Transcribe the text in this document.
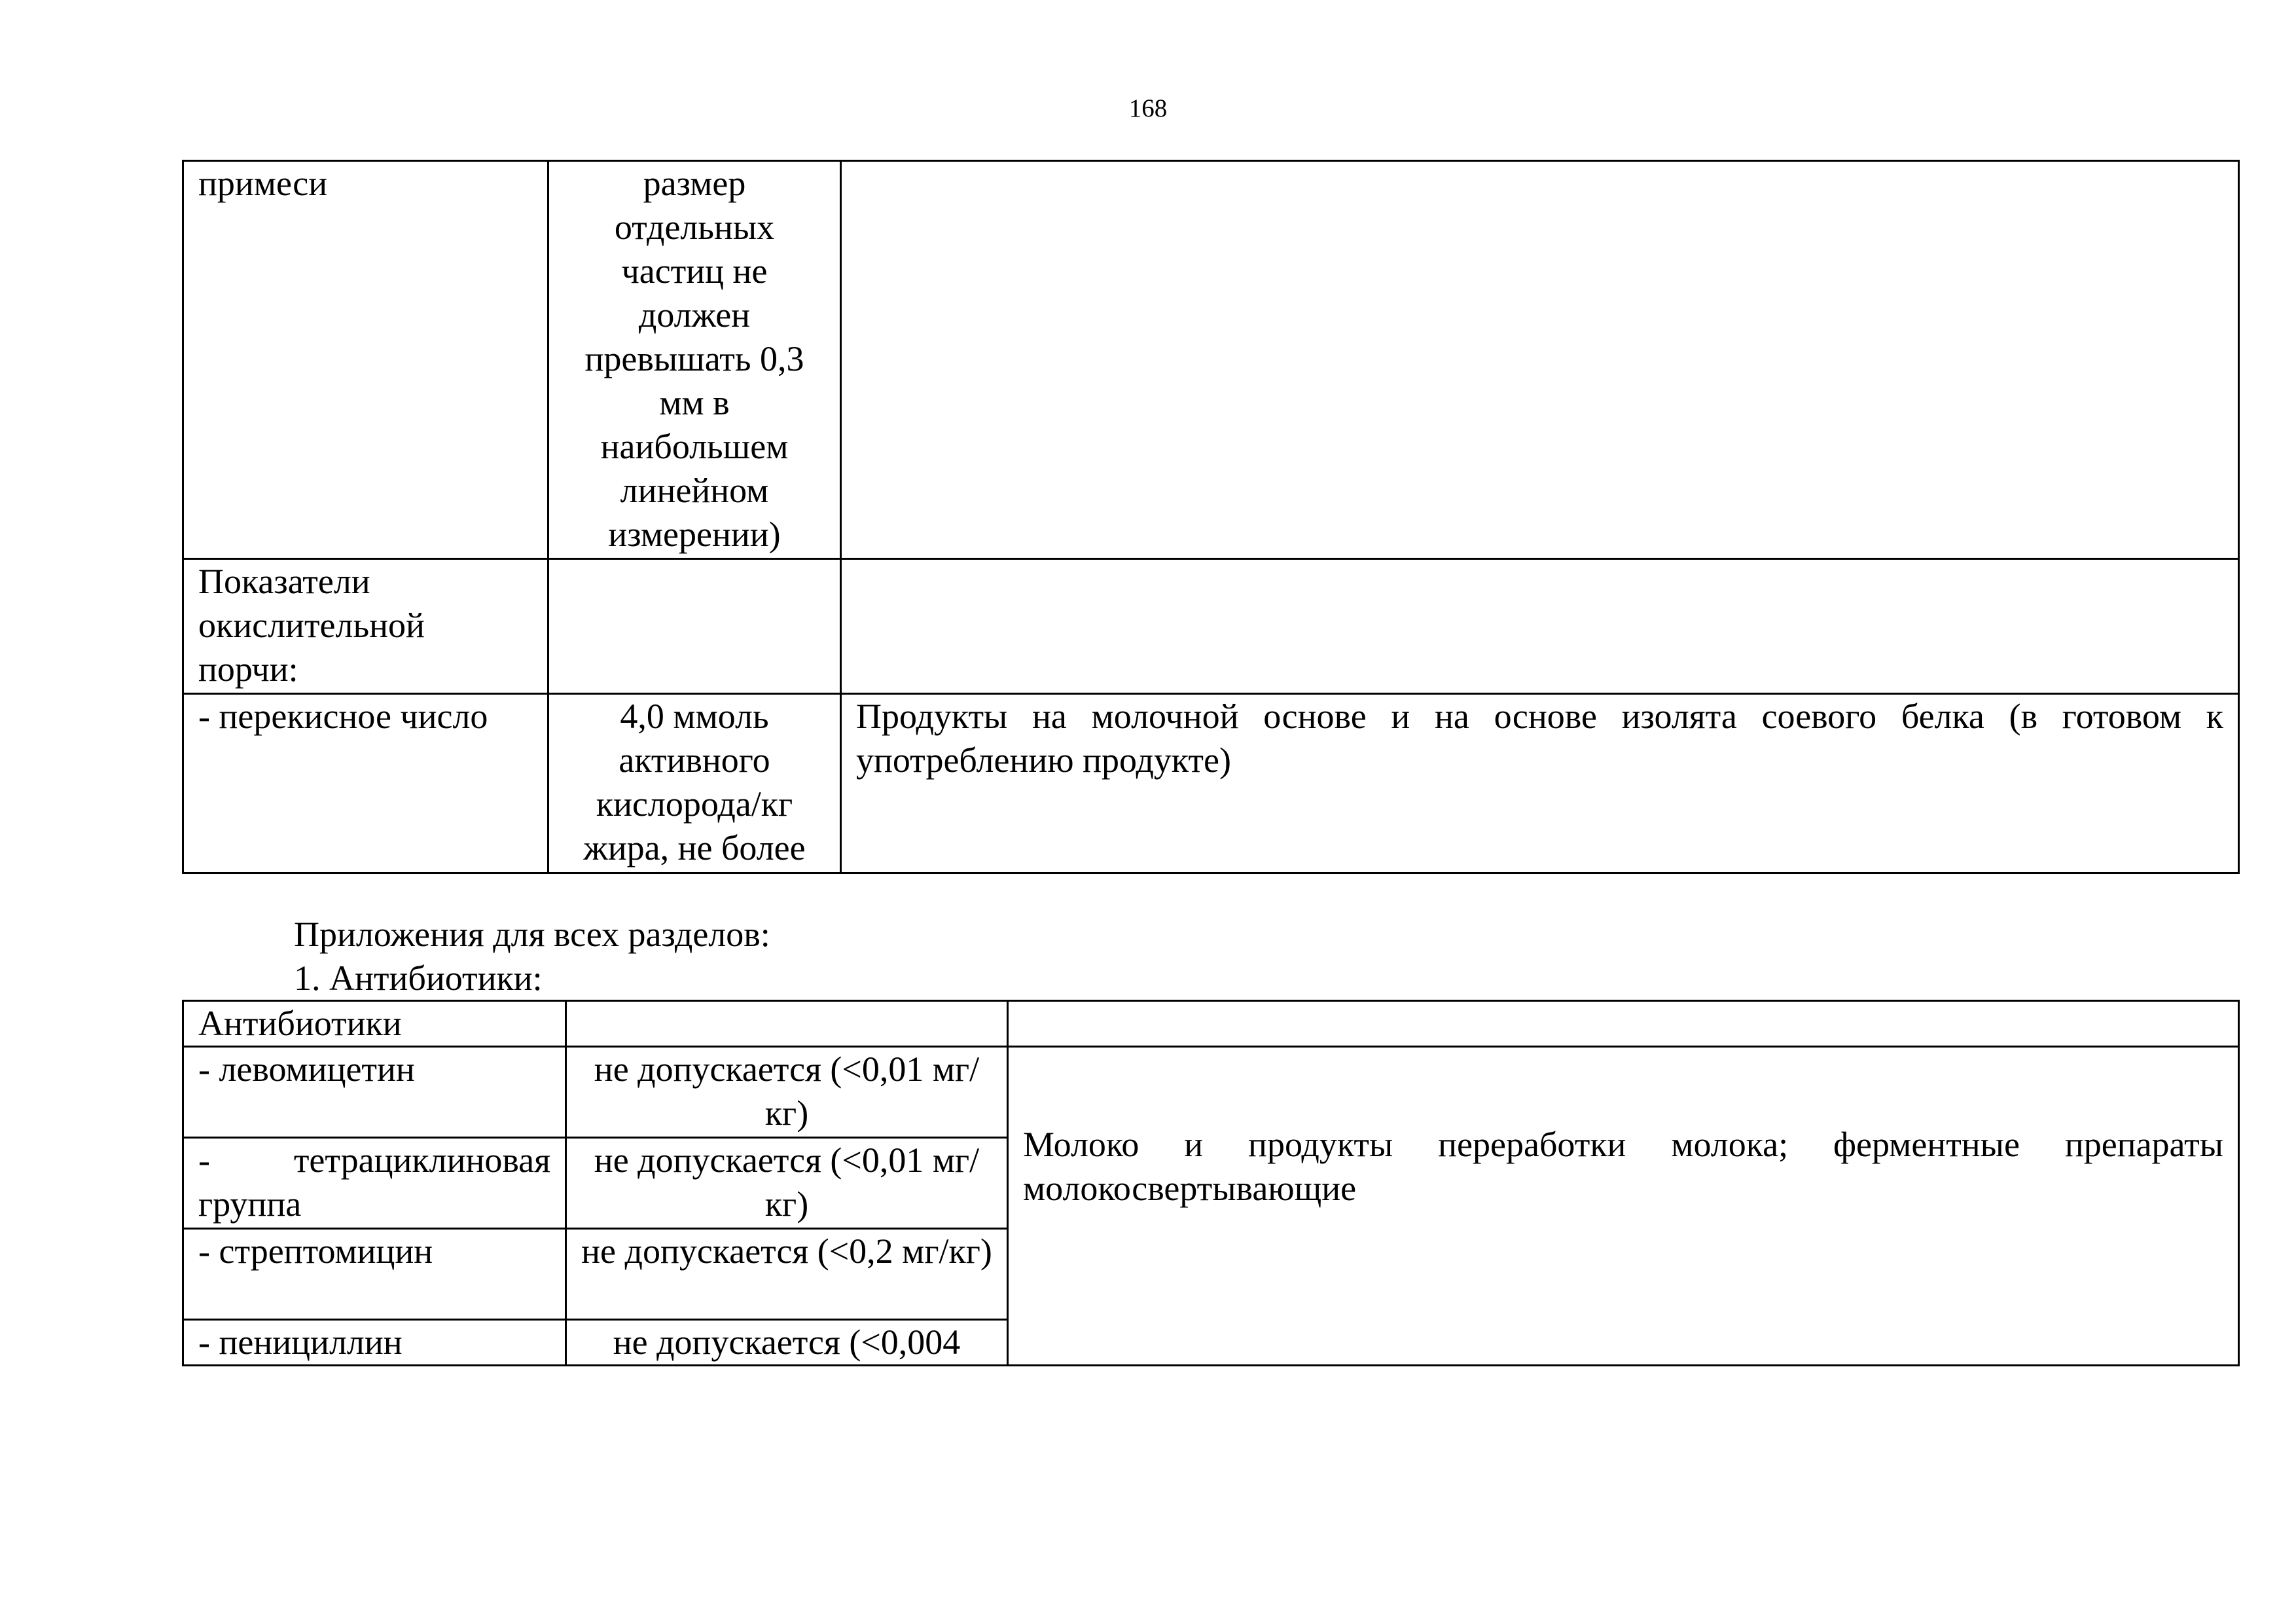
168
примеси	размер отдельных частиц не должен превышать 0,3 мм в наибольшем линейном измерении)	
Показатели окислительной порчи:		
- перекисное число	4,0 ммоль активного кислорода/кг жира, не более	Продукты на молочной основе и на основе изолята соевого белка (в готовом к употреблению продукте)
Приложения для всех разделов:
1. Антибиотики:
Антибиотики		
- левомицетин	не допускается (<0,01 мг/кг)	Молоко и продукты переработки молока; ферментные препараты молокосвертывающие

- тетрациклиновая группа	не допускается (<0,01 мг/кг)	
- стрептомицин	не допускается (<0,2 мг/кг)	
- пенициллин	не допускается (<0,004	
